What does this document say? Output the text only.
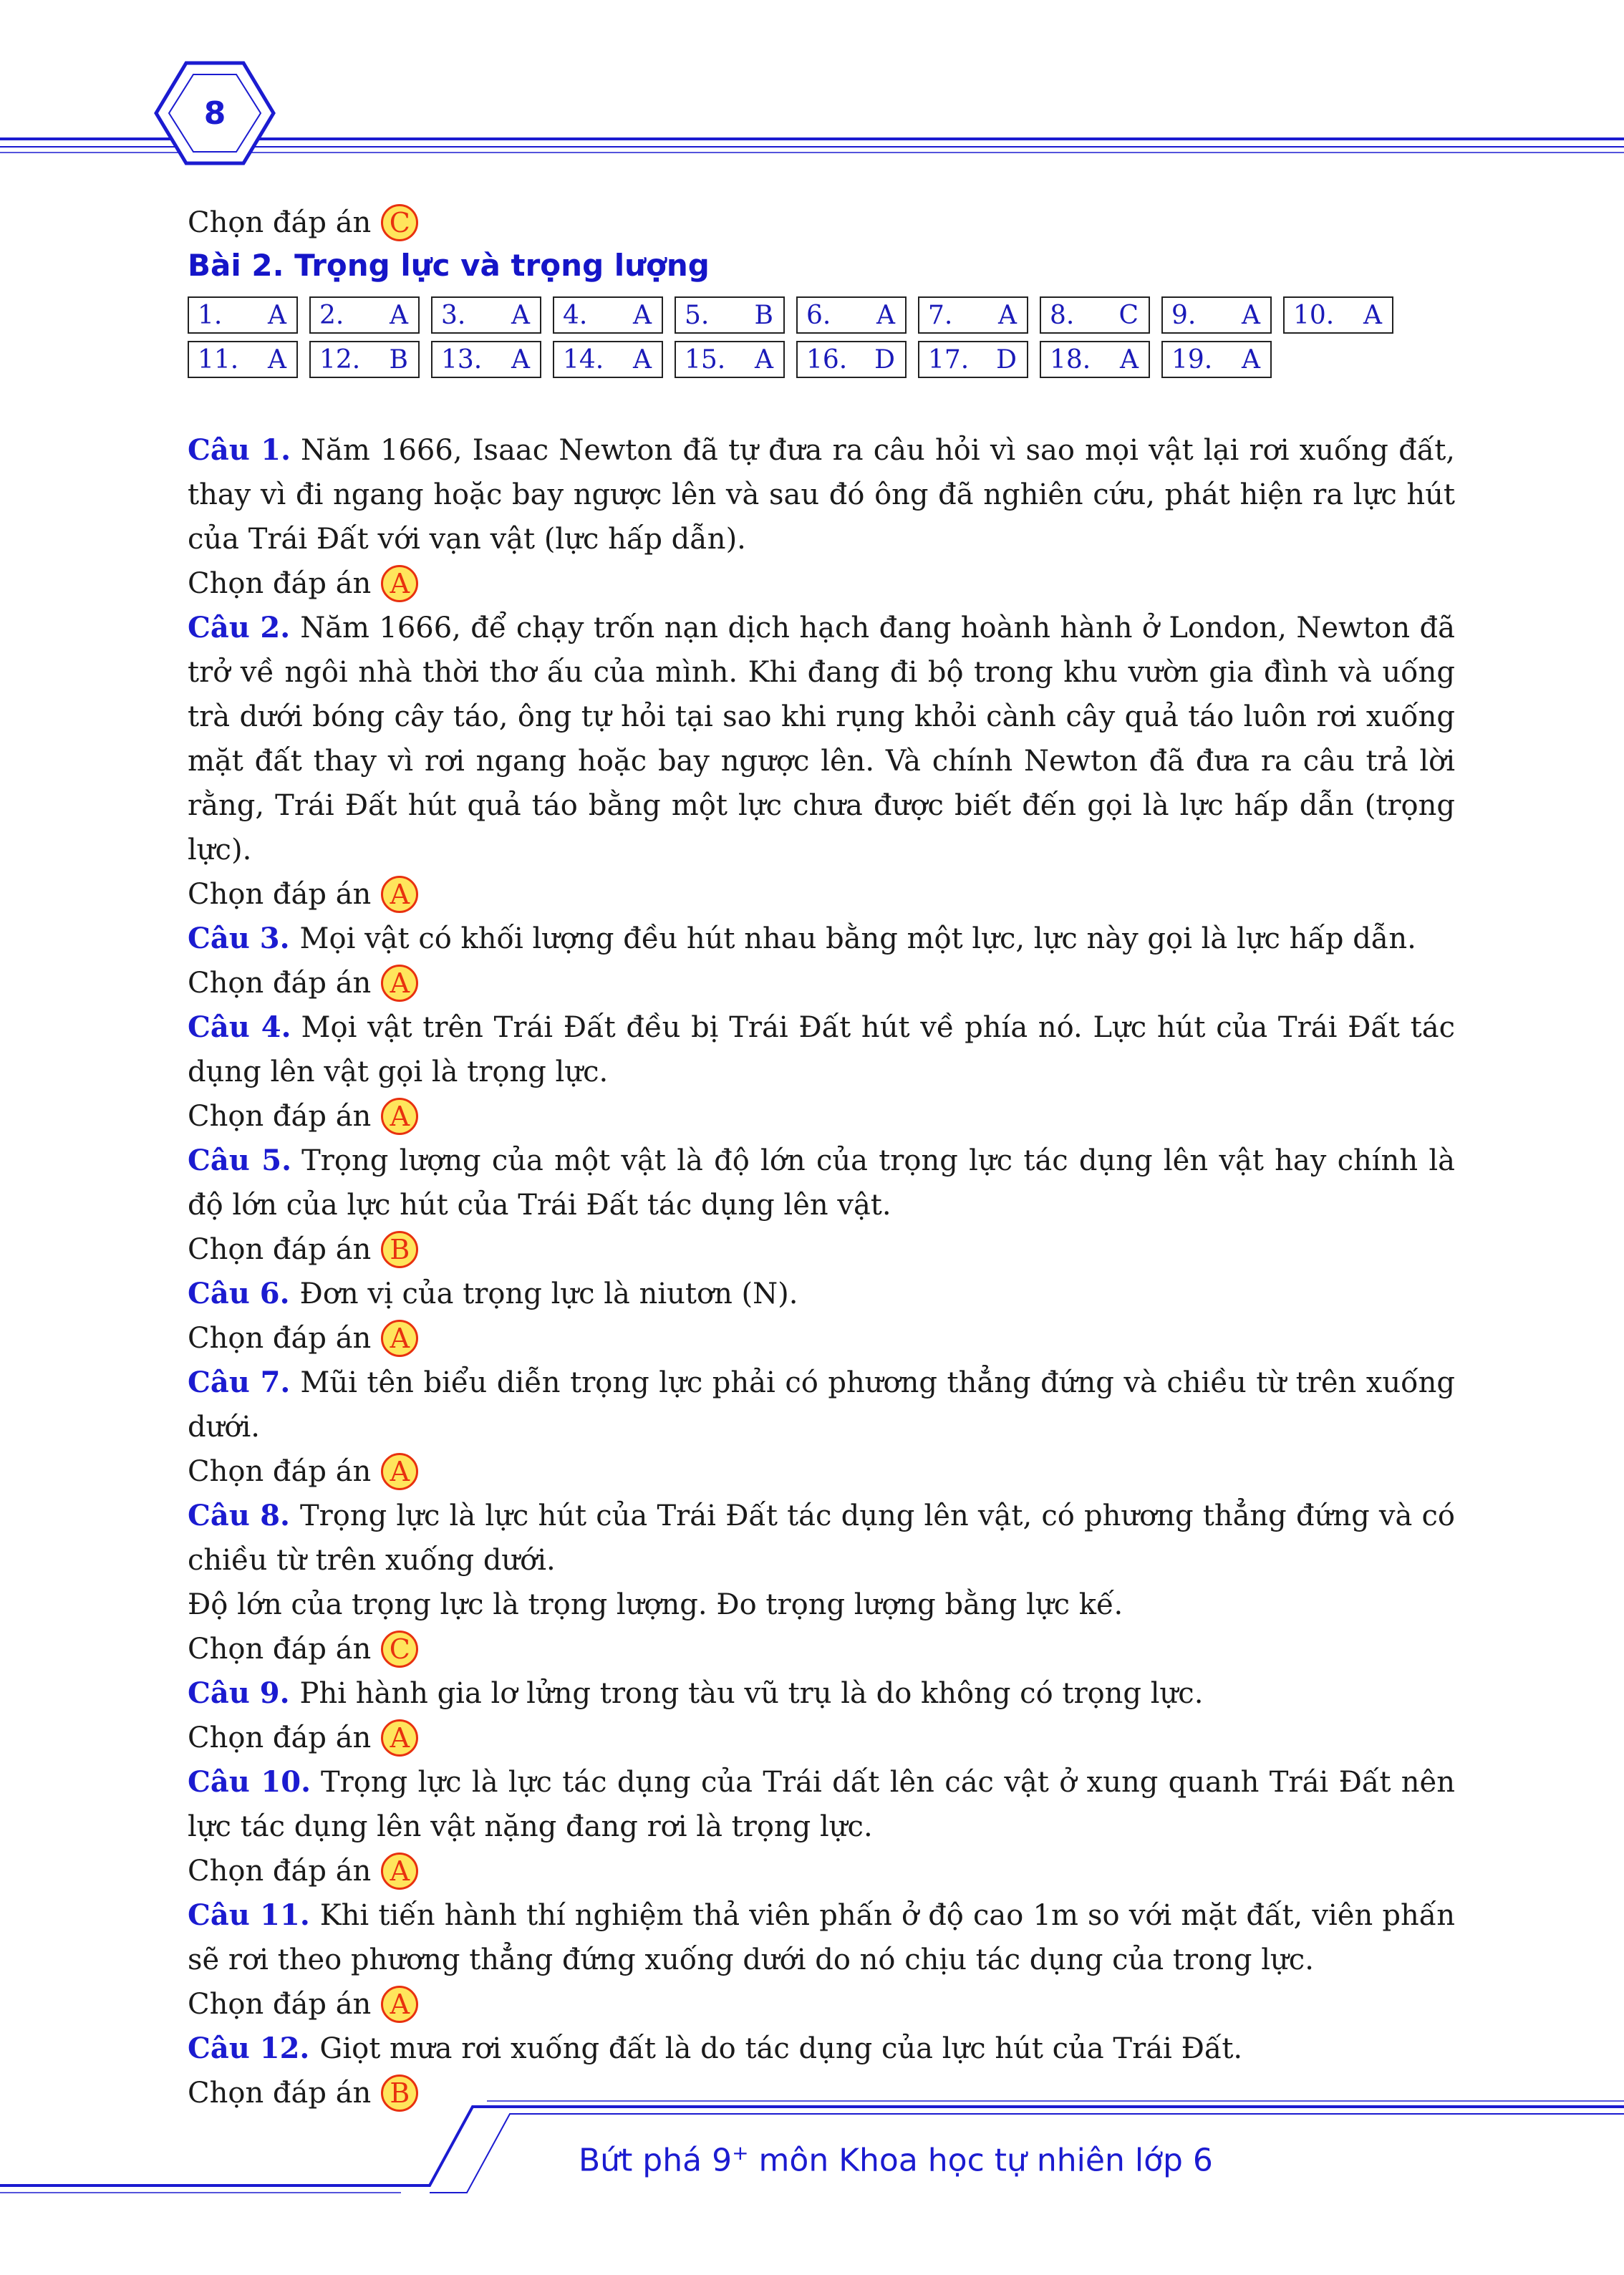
8
Chọn đáp án C
Bài 2. Trọng lực và trọng lượng
1. A 2. A 3. A 4. A 5. B 6. A 7. A 8. C 9. A 10. A
11. A 12. B 13. A 14. A 15. A 16. D 17. D 18. A 19. A

Câu 1. Năm 1666, Isaac Newton đã tự đưa ra câu hỏi vì sao mọi vật lại rơi xuống đất, thay vì đi ngang hoặc bay ngược lên và sau đó ông đã nghiên cứu, phát hiện ra lực hút của Trái Đất với vạn vật (lực hấp dẫn).

Chọn đáp án A

Câu 2. Năm 1666, để chạy trốn nạn dịch hạch đang hoành hành ở London, Newton đã trở về ngôi nhà thời thơ ấu của mình. Khi đang đi bộ trong khu vườn gia đình và uống trà dưới bóng cây táo, ông tự hỏi tại sao khi rụng khỏi cành cây quả táo luôn rơi xuống mặt đất thay vì rơi ngang hoặc bay ngược lên. Và chính Newton đã đưa ra câu trả lời rằng, Trái Đất hút quả táo bằng một lực chưa được biết đến gọi là lực hấp dẫn (trọng lực).

Chọn đáp án A

Câu 3. Mọi vật có khối lượng đều hút nhau bằng một lực, lực này gọi là lực hấp dẫn.

Chọn đáp án A

Câu 4. Mọi vật trên Trái Đất đều bị Trái Đất hút về phía nó. Lực hút của Trái Đất tác dụng lên vật gọi là trọng lực.

Chọn đáp án A

Câu 5. Trọng lượng của một vật là độ lớn của trọng lực tác dụng lên vật hay chính là độ lớn của lực hút của Trái Đất tác dụng lên vật.

Chọn đáp án B

Câu 6. Đơn vị của trọng lực là niutơn (N).

Chọn đáp án A

Câu 7. Mũi tên biểu diễn trọng lực phải có phương thẳng đứng và chiều từ trên xuống dưới.

Chọn đáp án A

Câu 8. Trọng lực là lực hút của Trái Đất tác dụng lên vật, có phương thẳng đứng và có chiều từ trên xuống dưới.

Độ lớn của trọng lực là trọng lượng. Đo trọng lượng bằng lực kế.

Chọn đáp án C

Câu 9. Phi hành gia lơ lửng trong tàu vũ trụ là do không có trọng lực.

Chọn đáp án A

Câu 10. Trọng lực là lực tác dụng của Trái dất lên các vật ở xung quanh Trái Đất nên lực tác dụng lên vật nặng đang rơi là trọng lực.

Chọn đáp án A

Câu 11. Khi tiến hành thí nghiệm thả viên phấn ở độ cao 1m so với mặt đất, viên phấn sẽ rơi theo phương thẳng đứng xuống dưới do nó chịu tác dụng của trong lực.

Chọn đáp án A

Câu 12. Giọt mưa rơi xuống đất là do tác dụng của lực hút của Trái Đất.

Chọn đáp án B
Bứt phá 9+ môn Khoa học tự nhiên lớp 6
